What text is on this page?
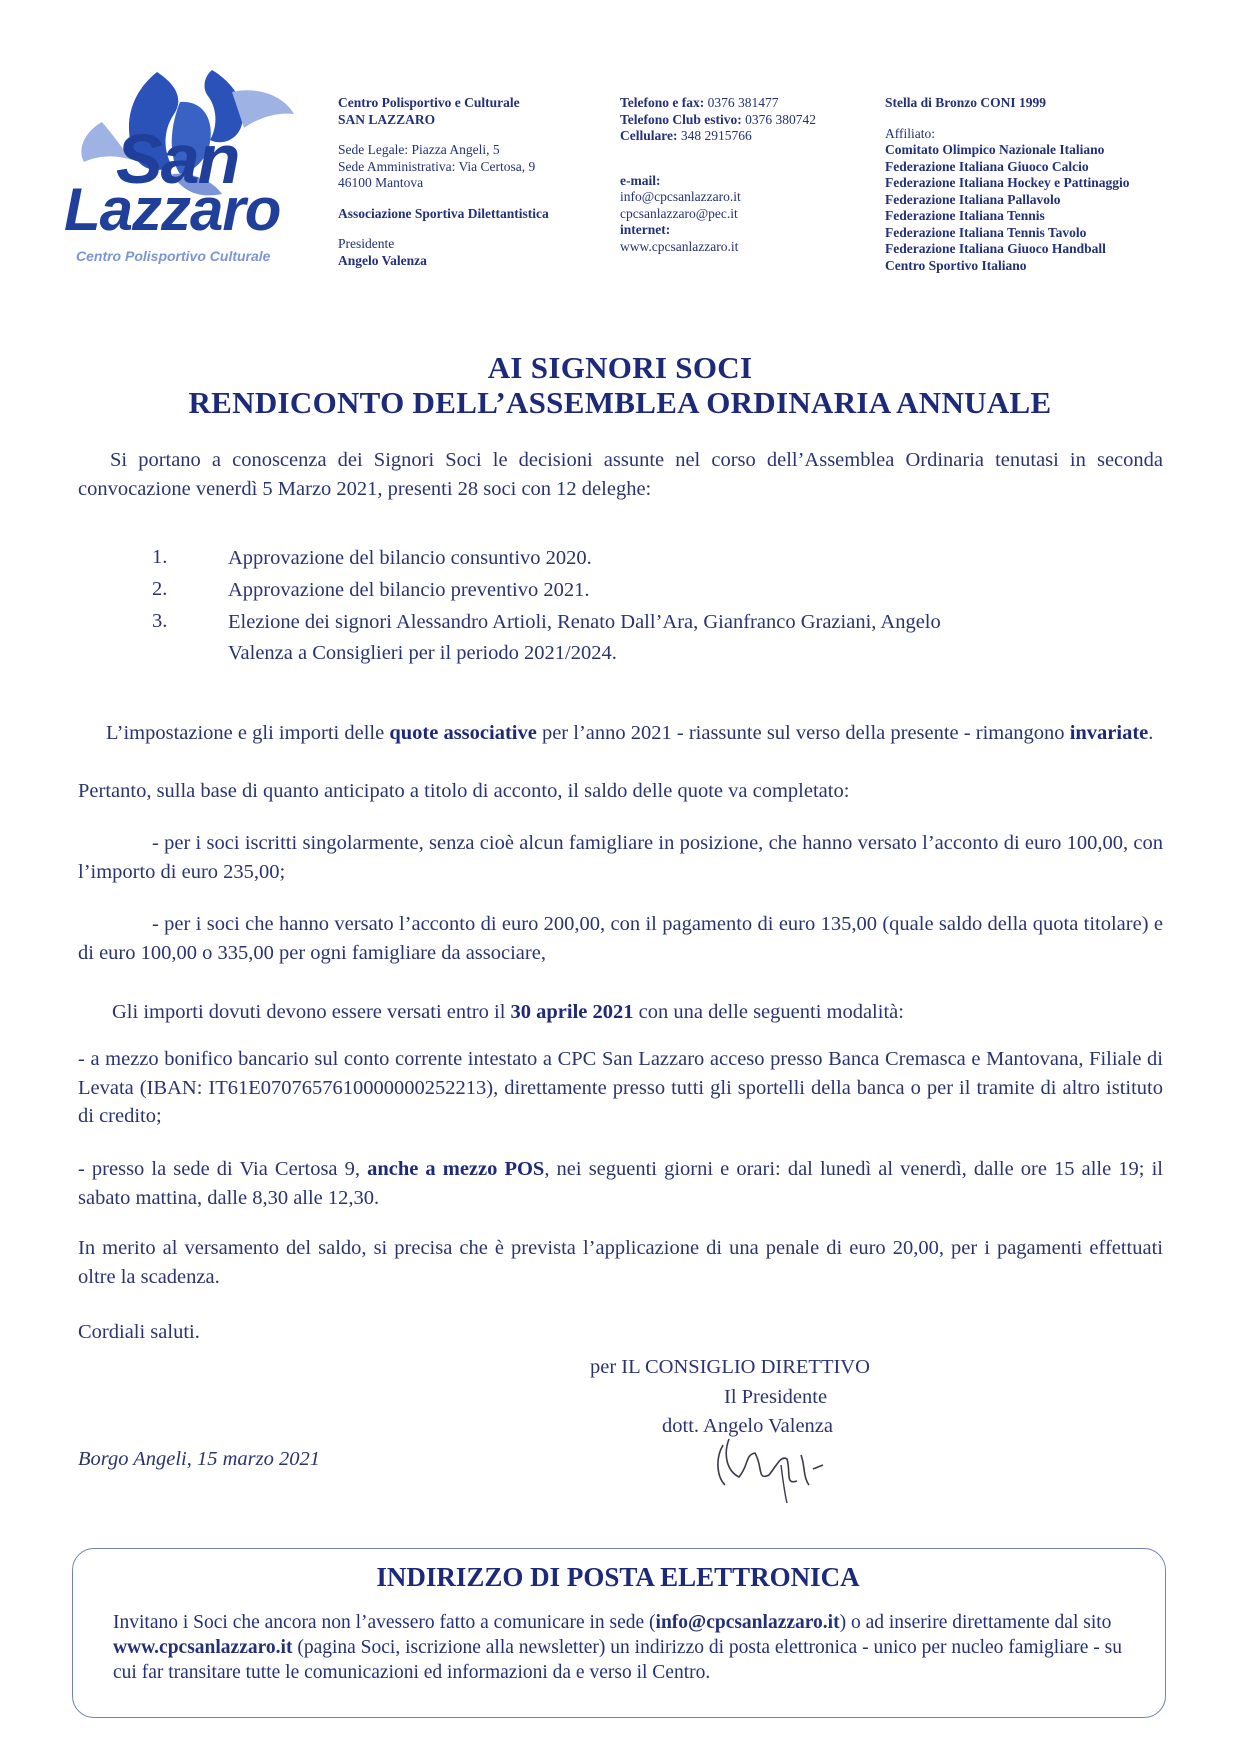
San
Lazzaro
Centro Polisportivo Culturale
Centro Polisportivo e Culturale
SAN LAZZARO
Sede Legale: Piazza Angeli, 5
Sede Amministrativa: Via Certosa, 9
46100 Mantova
Associazione Sportiva Dilettantistica
Presidente
Angelo Valenza
Telefono e fax: 0376 381477
Telefono Club estivo: 0376 380742
Cellulare: 348 2915766
e-mail:
info@cpcsanlazzaro.it
cpcsanlazzaro@pec.it
internet:
www.cpcsanlazzaro.it
Stella di Bronzo CONI 1999
Affiliato:
Comitato Olimpico Nazionale Italiano
Federazione Italiana Giuoco Calcio
Federazione Italiana Hockey e Pattinaggio
Federazione Italiana Pallavolo
Federazione Italiana Tennis
Federazione Italiana Tennis Tavolo
Federazione Italiana Giuoco Handball
Centro Sportivo Italiano
AI SIGNORI SOCI
RENDICONTO DELL’ASSEMBLEA ORDINARIA ANNUALE
Si portano a conoscenza dei Signori Soci le decisioni assunte nel corso dell’Assemblea Ordinaria tenutasi in seconda convocazione venerdì 5 Marzo 2021, presenti 28 soci con 12 deleghe:
1.	Approvazione del bilancio consuntivo 2020.
2.	Approvazione del bilancio preventivo 2021.
3.	Elezione dei signori Alessandro Artioli, Renato Dall’Ara, Gianfranco Graziani, Angelo Valenza a Consiglieri per il periodo 2021/2024.
L’impostazione e gli importi delle quote associative per l’anno 2021 - riassunte sul verso della presente - rimangono invariate.
Pertanto, sulla base di quanto anticipato a titolo di acconto, il saldo delle quote va completato:
- per i soci iscritti singolarmente, senza cioè alcun famigliare in posizione, che hanno versato l’acconto di euro 100,00, con l’importo di euro 235,00;
- per i soci che hanno versato l’acconto di euro 200,00, con il pagamento di euro 135,00 (quale saldo della quota titolare) e di euro 100,00 o 335,00 per ogni famigliare da associare,
Gli importi dovuti devono essere versati entro il 30 aprile 2021 con una delle seguenti modalità:
- a mezzo bonifico bancario sul conto corrente intestato a CPC San Lazzaro acceso presso Banca Cremasca e Mantovana, Filiale di Levata (IBAN: IT61E0707657610000000252213), direttamente presso tutti gli sportelli della banca o per il tramite di altro istituto di credito;
- presso la sede di Via Certosa 9, anche a mezzo POS, nei seguenti giorni e orari: dal lunedì al venerdì, dalle ore 15 alle 19; il sabato mattina, dalle 8,30 alle 12,30.
In merito al versamento del saldo, si precisa che è prevista l’applicazione di una penale di euro 20,00, per i pagamenti effettuati oltre la scadenza.
Cordiali saluti.
per IL CONSIGLIO DIRETTIVO
Il Presidente
dott. Angelo Valenza
Borgo Angeli, 15 marzo 2021
INDIRIZZO DI POSTA ELETTRONICA
Invitano i Soci che ancora non l’avessero fatto a comunicare in sede (info@cpcsanlazzaro.it) o ad inserire direttamente dal sito www.cpcsanlazzaro.it (pagina Soci, iscrizione alla newsletter) un indirizzo di posta elettronica - unico per nucleo famigliare - su cui far transitare tutte le comunicazioni ed informazioni da e verso il Centro.
